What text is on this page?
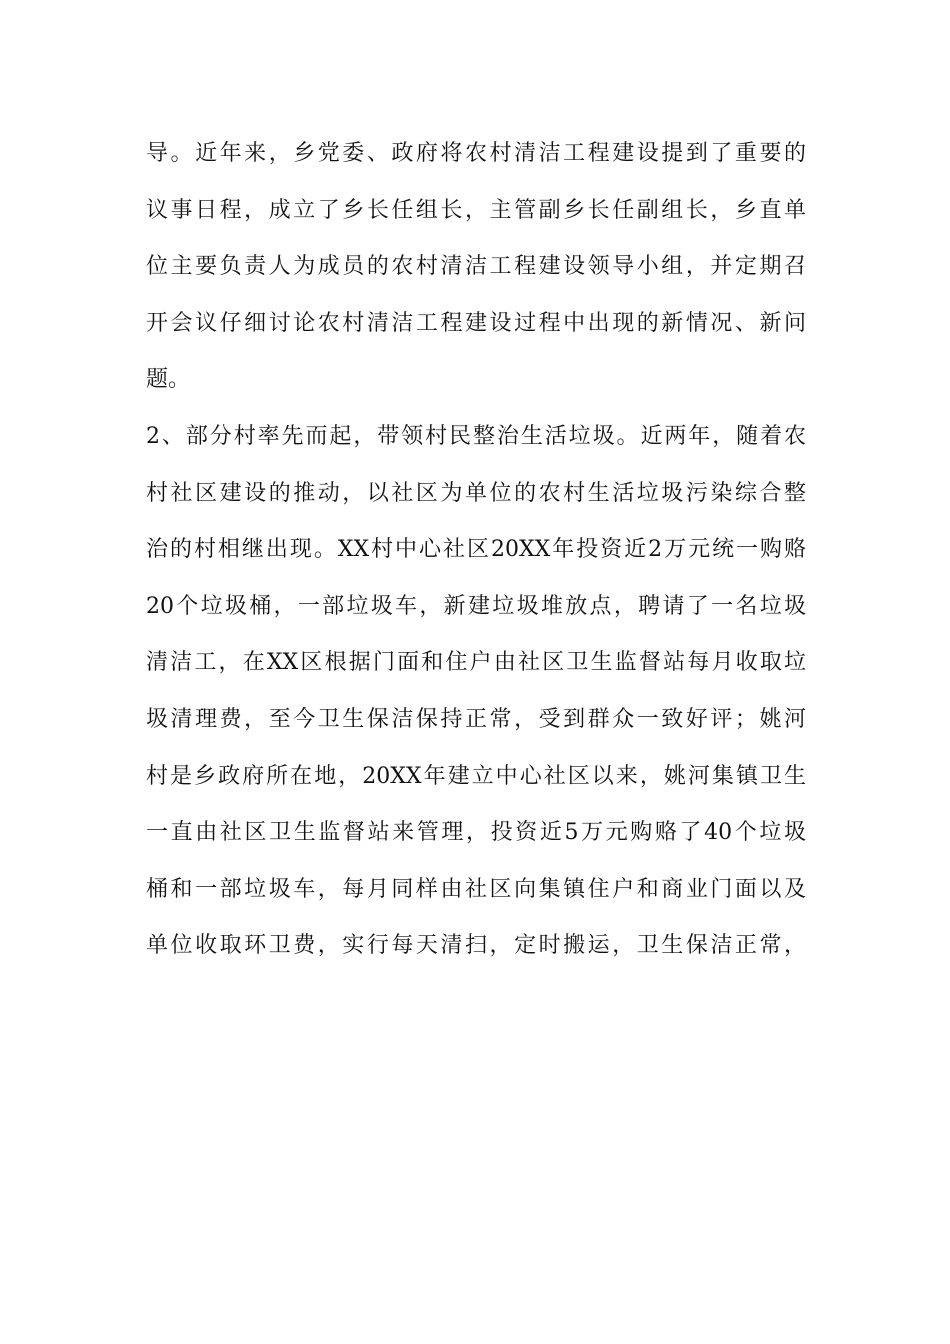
导。近年来，乡党委、政府将农村清洁工程建设提到了重要的
议事日程，成立了乡长任组长，主管副乡长任副组长，乡直单
位主要负责人为成员的农村清洁工程建设领导小组，并定期召
开会议仔细讨论农村清洁工程建设过程中出现的新情况、新问
题。
2、部分村率先而起，带领村民整治生活垃圾。近两年，随着农
村社区建设的推动，以社区为单位的农村生活垃圾污染综合整
治的村相继出现。XX村中心社区20XX年投资近2万元统一购赂
20个垃圾桶，一部垃圾车，新建垃圾堆放点，聘请了一名垃圾
清洁工，在XX区根据门面和住户由社区卫生监督站每月收取垃
圾清理费，至今卫生保洁保持正常，受到群众一致好评；姚河
村是乡政府所在地，20XX年建立中心社区以来，姚河集镇卫生
一直由社区卫生监督站来管理，投资近5万元购赂了40个垃圾
桶和一部垃圾车，每月同样由社区向集镇住户和商业门面以及
单位收取环卫费，实行每天清扫，定时搬运，卫生保洁正常，
